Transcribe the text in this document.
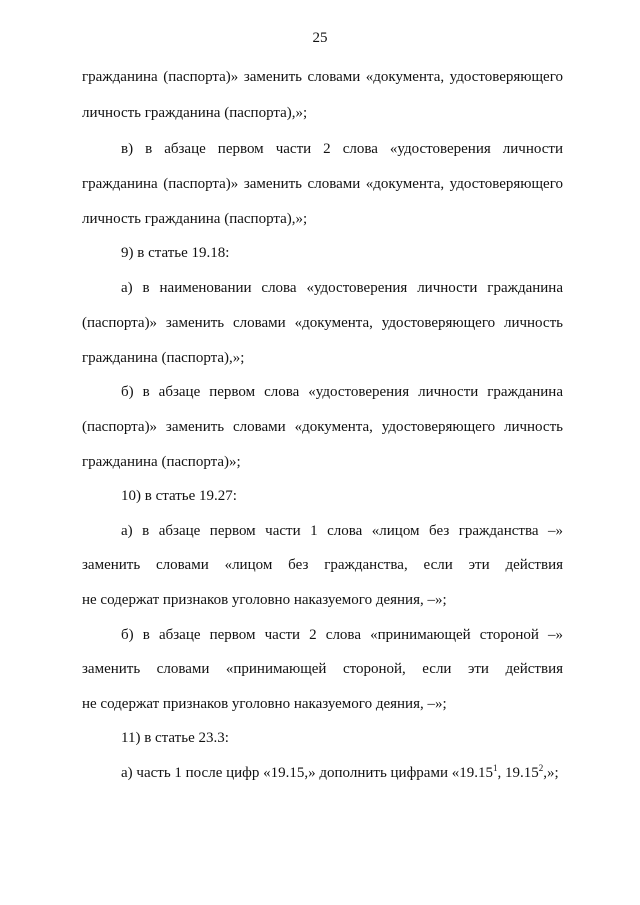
25
гражданина (паспорта)» заменить словами «документа, удостоверяющего
личность гражданина (паспорта),»;
в) в абзаце первом части 2 слова «удостоверения личности
гражданина (паспорта)» заменить словами «документа, удостоверяющего
личность гражданина (паспорта),»;
9) в статье 19.18:
а) в наименовании слова «удостоверения личности гражданина
(паспорта)» заменить словами «документа, удостоверяющего личность
гражданина (паспорта),»;
б) в абзаце первом слова «удостоверения личности гражданина
(паспорта)» заменить словами «документа, удостоверяющего личность
гражданина (паспорта)»;
10) в статье 19.27:
а) в абзаце первом части 1 слова «лицом без гражданства –»
заменить словами «лицом без гражданства, если эти действия
не содержат признаков уголовно наказуемого деяния, –»;
б) в абзаце первом части 2 слова «принимающей стороной –»
заменить словами «принимающей стороной, если эти действия
не содержат признаков уголовно наказуемого деяния, –»;
11) в статье 23.3:
а) часть 1 после цифр «19.15,» дополнить цифрами «19.15$^1$, 19.15$^2$,»;
